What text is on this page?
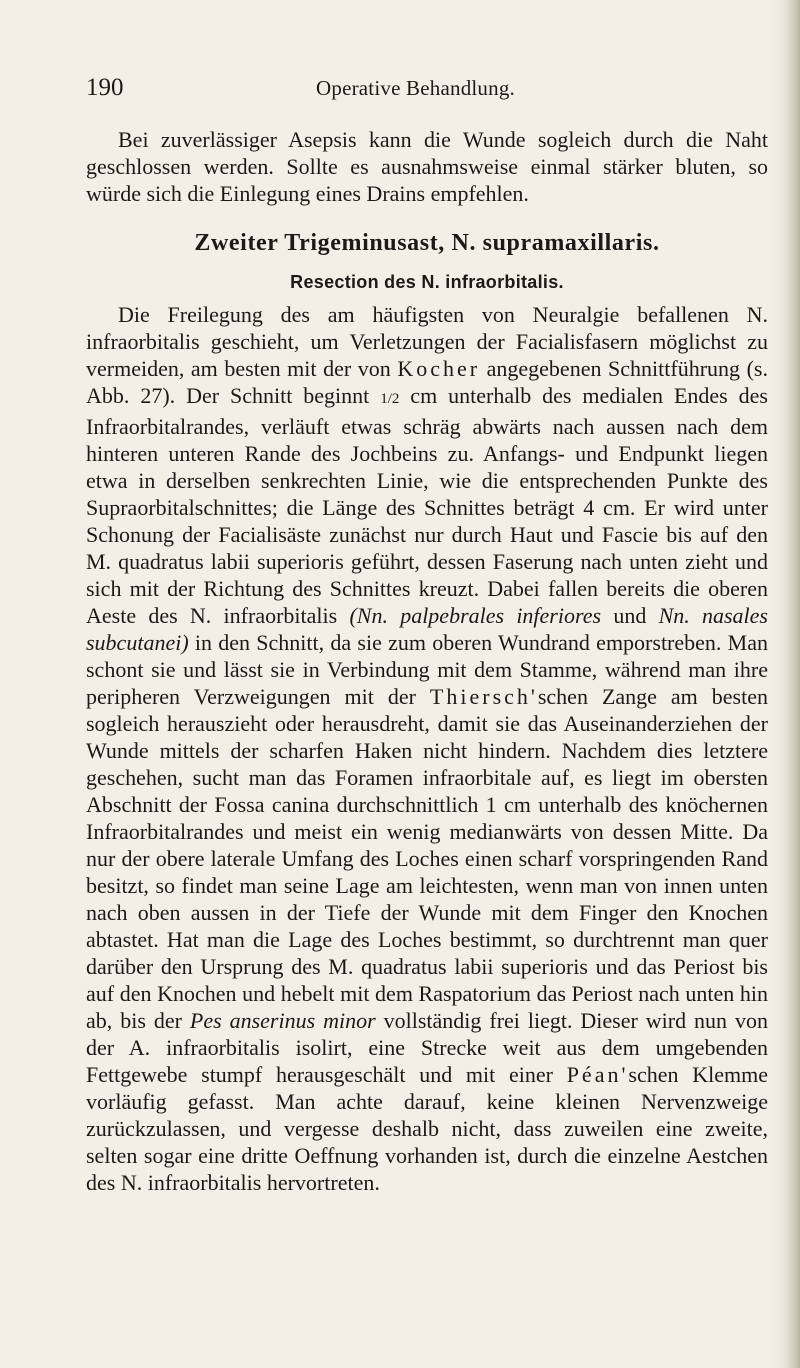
190	Operative Behandlung.

Bei zuverlässiger Asepsis kann die Wunde sogleich durch die Naht geschlossen werden. Sollte es ausnahmsweise einmal stärker bluten, so würde sich die Einlegung eines Drains empfehlen.

Zweiter Trigeminusast, N. supramaxillaris.
Resection des N. infraorbitalis.

Die Freilegung des am häufigsten von Neuralgie befallenen N. infraorbitalis geschieht, um Verletzungen der Facialisfasern möglichst zu vermeiden, am besten mit der von Kocher angegebenen Schnittführung (s. Abb. 27). Der Schnitt beginnt 1/2 cm unterhalb des medialen Endes des Infraorbitalrandes, verläuft etwas schräg abwärts nach aussen nach dem hinteren unteren Rande des Jochbeins zu. Anfangs- und Endpunkt liegen etwa in derselben senkrechten Linie, wie die entsprechenden Punkte des Supraorbitalschnittes; die Länge des Schnittes beträgt 4 cm. Er wird unter Schonung der Facialisäste zunächst nur durch Haut und Fascie bis auf den M. quadratus labii superioris geführt, dessen Faserung nach unten zieht und sich mit der Richtung des Schnittes kreuzt. Dabei fallen bereits die oberen Aeste des N. infraorbitalis (Nn. palpebrales inferiores und Nn. nasales subcutanei) in den Schnitt, da sie zum oberen Wundrand emporstreben. Man schont sie und lässt sie in Verbindung mit dem Stamme, während man ihre peripheren Verzweigungen mit der Thiersch'schen Zange am besten sogleich herauszieht oder herausdreht, damit sie das Auseinanderziehen der Wunde mittels der scharfen Haken nicht hindern. Nachdem dies letztere geschehen, sucht man das Foramen infraorbitale auf, es liegt im obersten Abschnitt der Fossa canina durchschnittlich 1 cm unterhalb des knöchernen Infraorbitalrandes und meist ein wenig medianwärts von dessen Mitte. Da nur der obere laterale Umfang des Loches einen scharf vorspringenden Rand besitzt, so findet man seine Lage am leichtesten, wenn man von innen unten nach oben aussen in der Tiefe der Wunde mit dem Finger den Knochen abtastet. Hat man die Lage des Loches bestimmt, so durchtrennt man quer darüber den Ursprung des M. quadratus labii superioris und das Periost bis auf den Knochen und hebelt mit dem Raspatorium das Periost nach unten hin ab, bis der Pes anserinus minor vollständig frei liegt. Dieser wird nun von der A. infraorbitalis isolirt, eine Strecke weit aus dem umgebenden Fettgewebe stumpf herausgeschält und mit einer Péan'schen Klemme vorläufig gefasst. Man achte darauf, keine kleinen Nervenzweige zurückzulassen, und vergesse deshalb nicht, dass zuweilen eine zweite, selten sogar eine dritte Oeffnung vorhanden ist, durch die einzelne Aestchen des N. infraorbitalis hervortreten.
